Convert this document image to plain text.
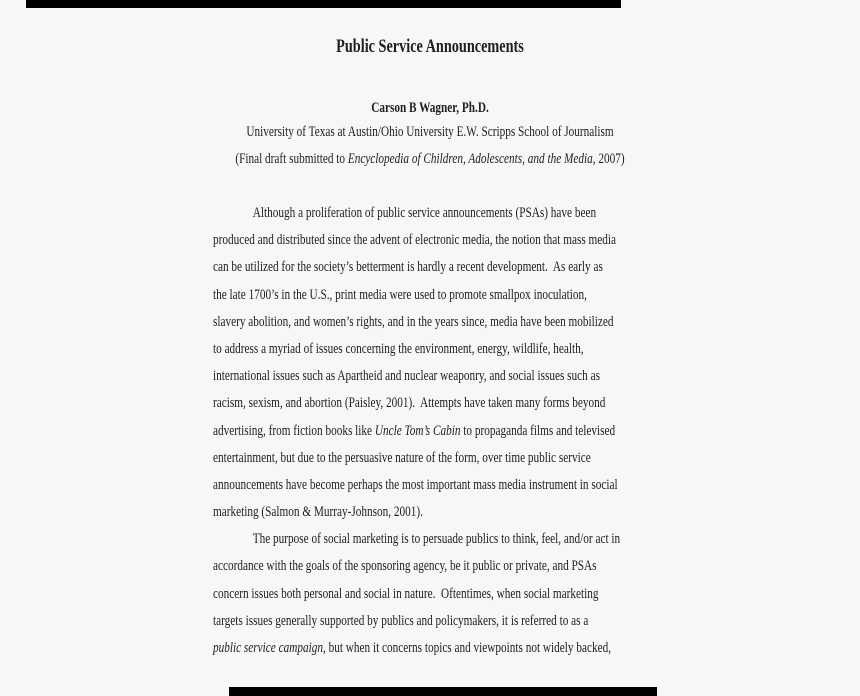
Public Service Announcements
Carson B Wagner, Ph.D.
University of Texas at Austin/Ohio University E.W. Scripps School of Journalism
(Final draft submitted to Encyclopedia of Children, Adolescents, and the Media, 2007)
Although a proliferation of public service announcements (PSAs) have been
produced and distributed since the advent of electronic media, the notion that mass media
can be utilized for the society’s betterment is hardly a recent development.  As early as
the late 1700’s in the U.S., print media were used to promote smallpox inoculation,
slavery abolition, and women’s rights, and in the years since, media have been mobilized
to address a myriad of issues concerning the environment, energy, wildlife, health,
international issues such as Apartheid and nuclear weaponry, and social issues such as
racism, sexism, and abortion (Paisley, 2001).  Attempts have taken many forms beyond
advertising, from fiction books like Uncle Tom’s Cabin to propaganda films and televised
entertainment, but due to the persuasive nature of the form, over time public service
announcements have become perhaps the most important mass media instrument in social
marketing (Salmon & Murray-Johnson, 2001).
The purpose of social marketing is to persuade publics to think, feel, and/or act in
accordance with the goals of the sponsoring agency, be it public or private, and PSAs
concern issues both personal and social in nature.  Oftentimes, when social marketing
targets issues generally supported by publics and policymakers, it is referred to as a
public service campaign, but when it concerns topics and viewpoints not widely backed,
